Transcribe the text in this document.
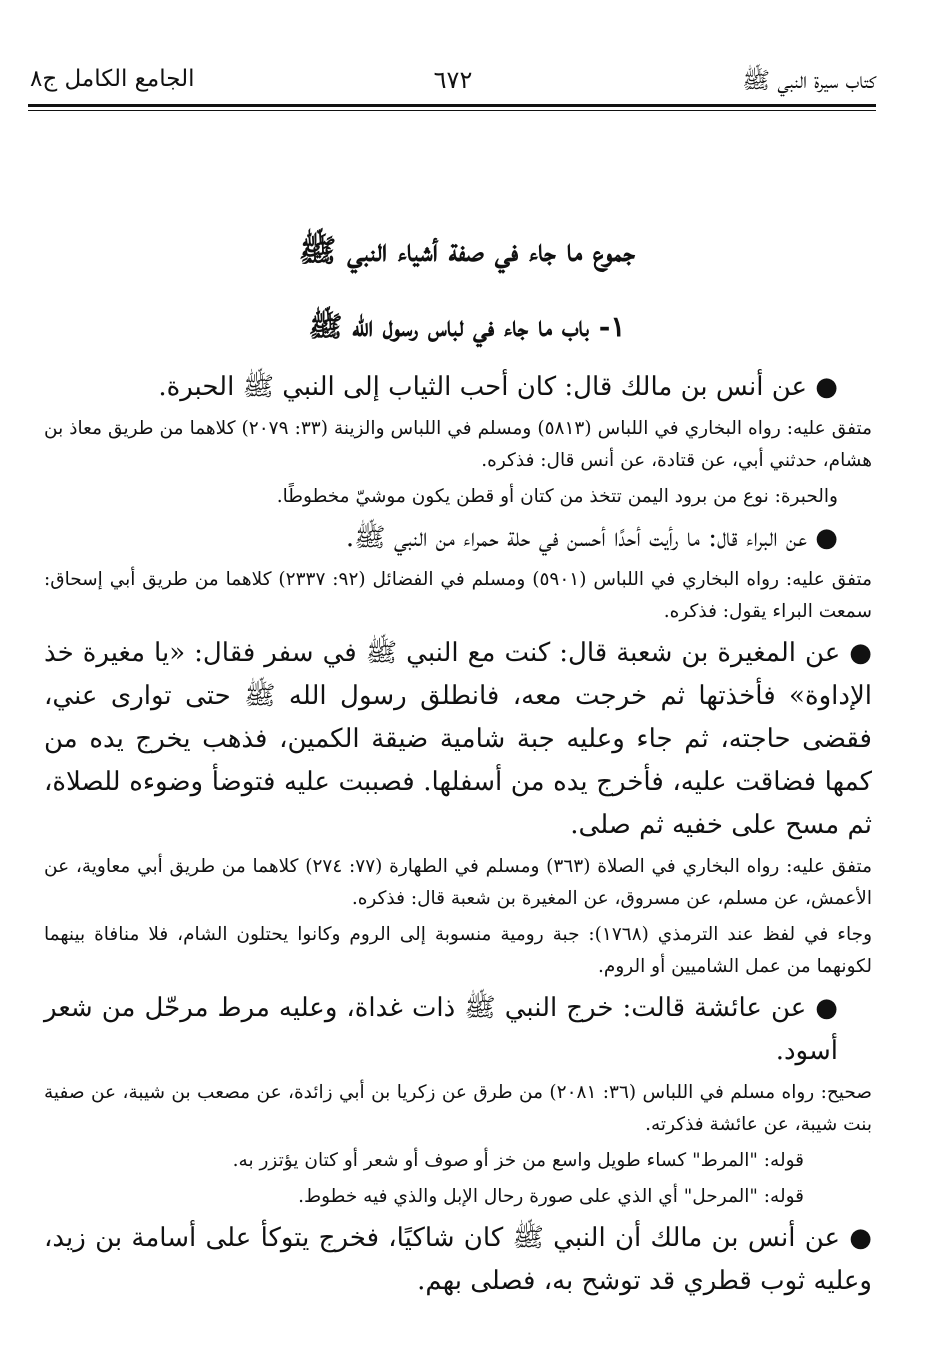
كتاب سيرة النبي ﷺ
٦٧٢
الجامع الكامل ج٨
جموع ما جاء في صفة أشياء النبي ﷺ
١- باب ما جاء في لباس رسول الله ﷺ
● عن أنس بن مالك قال: كان أحب الثياب إلى النبي ﷺ الحبرة.
متفق عليه: رواه البخاري في اللباس (٥٨١٣) ومسلم في اللباس والزينة (٣٣: ٢٠٧٩) كلاهما من طريق معاذ بن هشام، حدثني أبي، عن قتادة، عن أنس قال: فذكره.
والحبرة: نوع من برود اليمن تتخذ من كتان أو قطن يكون موشيّ مخطوطًا.
● عن البراء قال: ما رأيت أحدًا أحسن في حلة حمراء من النبي ﷺ.
متفق عليه: رواه البخاري في اللباس (٥٩٠١) ومسلم في الفضائل (٩٢: ٢٣٣٧) كلاهما من طريق أبي إسحاق: سمعت البراء يقول: فذكره.
● عن المغيرة بن شعبة قال: كنت مع النبي ﷺ في سفر فقال: «يا مغيرة خذ الإداوة» فأخذتها ثم خرجت معه، فانطلق رسول الله ﷺ حتى توارى عني، فقضى حاجته، ثم جاء وعليه جبة شامية ضيقة الكمين، فذهب يخرج يده من كمها فضاقت عليه، فأخرج يده من أسفلها. فصببت عليه فتوضأ وضوءه للصلاة، ثم مسح على خفيه ثم صلى.
متفق عليه: رواه البخاري في الصلاة (٣٦٣) ومسلم في الطهارة (٧٧: ٢٧٤) كلاهما من طريق أبي معاوية، عن الأعمش، عن مسلم، عن مسروق، عن المغيرة بن شعبة قال: فذكره.
وجاء في لفظ عند الترمذي (١٧٦٨): جبة رومية منسوبة إلى الروم وكانوا يحتلون الشام، فلا منافاة بينهما لكونهما من عمل الشاميين أو الروم.
● عن عائشة قالت: خرج النبي ﷺ ذات غداة، وعليه مرط مرحّل من شعر أسود.
صحيح: رواه مسلم في اللباس (٣٦: ٢٠٨١) من طرق عن زكريا بن أبي زائدة، عن مصعب بن شيبة، عن صفية بنت شيبة، عن عائشة فذكرته.
قوله: "المرط" كساء طويل واسع من خز أو صوف أو شعر أو كتان يؤتزر به.
قوله: "المرحل" أي الذي على صورة رحال الإبل والذي فيه خطوط.
● عن أنس بن مالك أن النبي ﷺ كان شاكيًا، فخرج يتوكأ على أسامة بن زيد، وعليه ثوب قطري قد توشح به، فصلى بهم.
